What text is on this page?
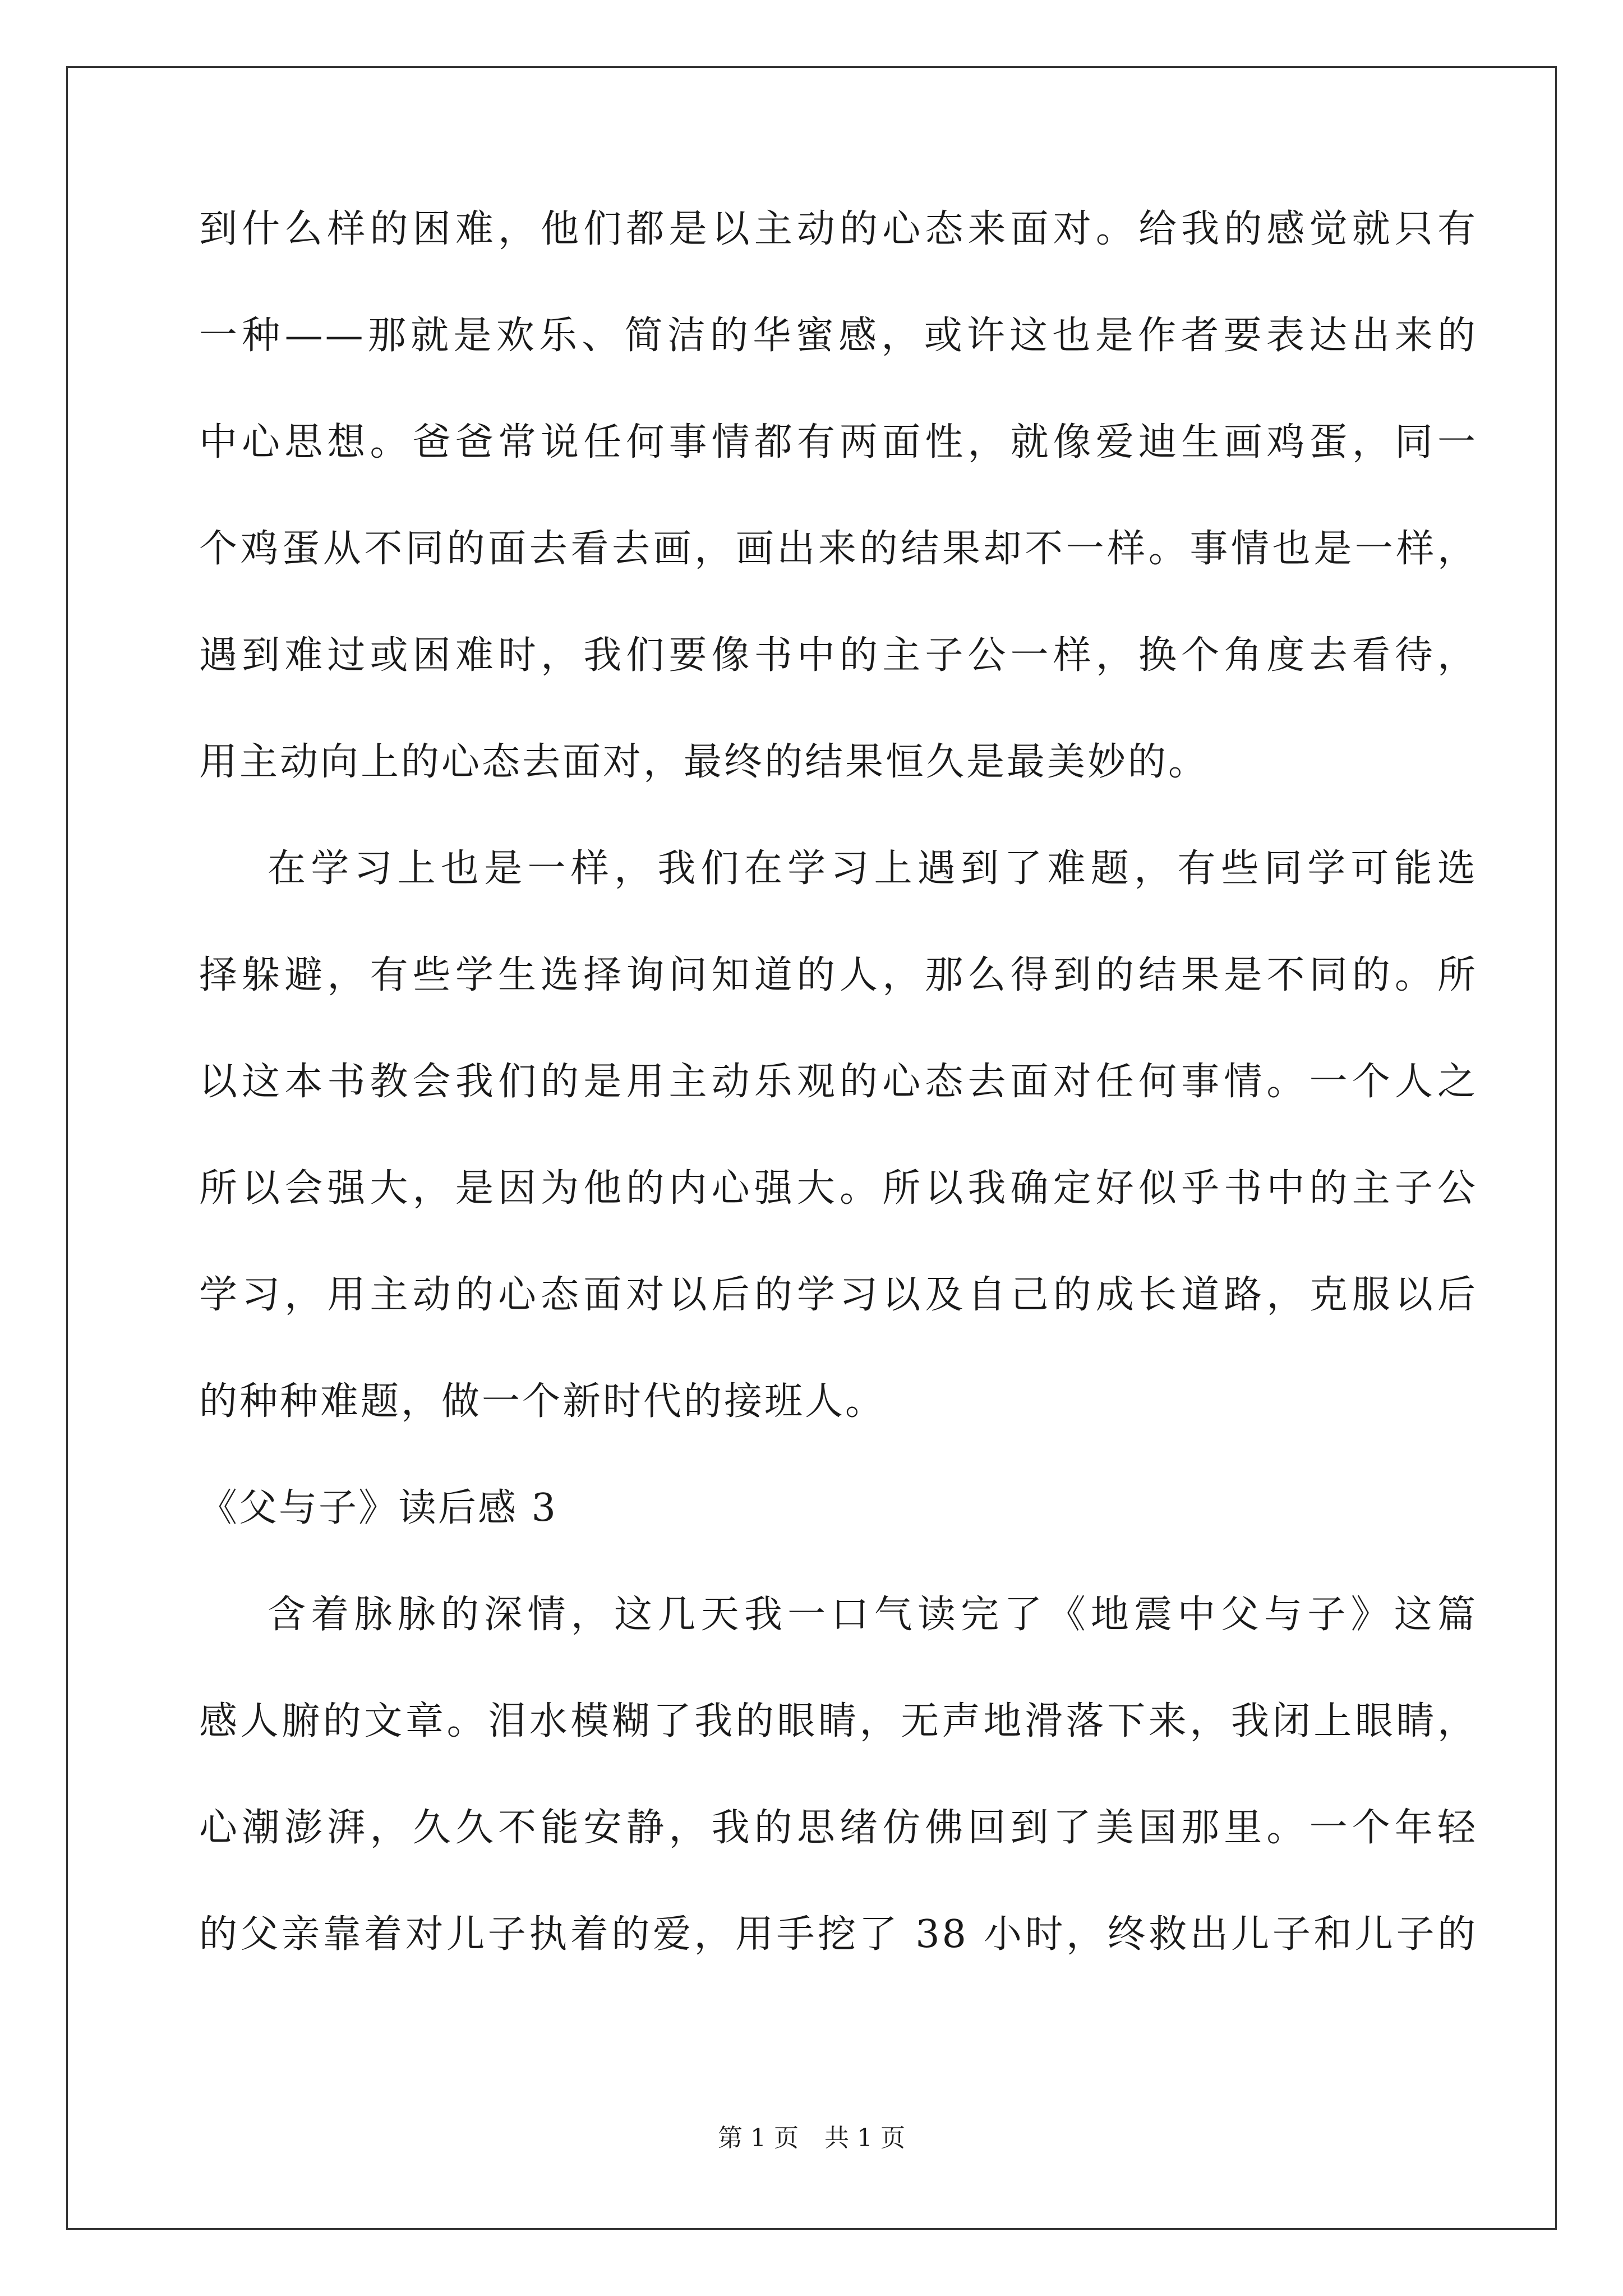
到什么样的困难，他们都是以主动的心态来面对。给我的感觉就只有
一种——那就是欢乐、简洁的华蜜感，或许这也是作者要表达出来的
中心思想。爸爸常说任何事情都有两面性，就像爱迪生画鸡蛋，同一
个鸡蛋从不同的面去看去画，画出来的结果却不一样。事情也是一样，
遇到难过或困难时，我们要像书中的主子公一样，换个角度去看待，
用主动向上的心态去面对，最终的结果恒久是最美妙的。
在学习上也是一样，我们在学习上遇到了难题，有些同学可能选
择躲避，有些学生选择询问知道的人，那么得到的结果是不同的。所
以这本书教会我们的是用主动乐观的心态去面对任何事情。一个人之
所以会强大，是因为他的内心强大。所以我确定好似乎书中的主子公
学习，用主动的心态面对以后的学习以及自己的成长道路，克服以后
的种种难题，做一个新时代的接班人。
《父与子》读后感 3
含着脉脉的深情，这几天我一口气读完了《地震中父与子》这篇
感人腑的文章。泪水模糊了我的眼睛，无声地滑落下来，我闭上眼睛，
心潮澎湃，久久不能安静，我的思绪仿佛回到了美国那里。一个年轻
的父亲靠着对儿子执着的爱，用手挖了 38 小时，终救出儿子和儿子的
第 1 页 共 1 页
